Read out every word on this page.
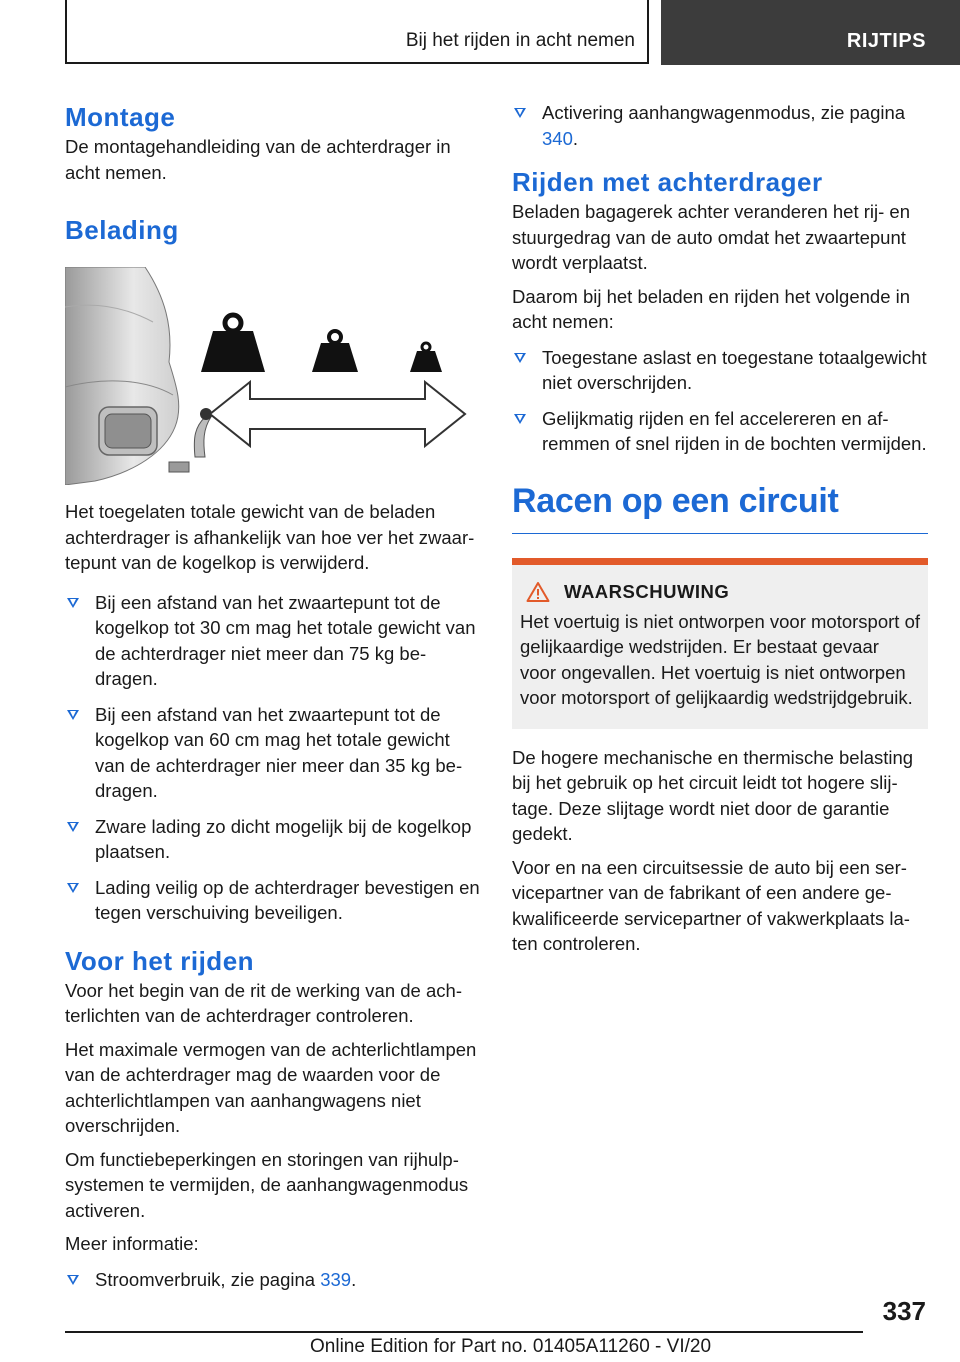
Bij het rijden in acht nemen	RIJTIPS
Montage

De montagehandleiding van de achterdrager in acht nemen.

Belading

Het toegelaten totale gewicht van de beladen achterdrager is afhankelijk van hoe ver het zwaartepunt van de kogelkop is verwijderd.

Bij een afstand van het zwaartepunt tot de kogelkop tot 30 cm mag het totale gewicht van de achterdrager niet meer dan 75 kg bedragen.
Bij een afstand van het zwaartepunt tot de kogelkop van 60 cm mag het totale gewicht van de achterdrager nier meer dan 35 kg bedragen.
Zware lading zo dicht mogelijk bij de kogelkop plaatsen.
Lading veilig op de achterdrager bevestigen en tegen verschuiving beveiligen.
Voor het rijden

Voor het begin van de rit de werking van de achterlichten van de achterdrager controleren.

Het maximale vermogen van de achterlichtlampen van de achterdrager mag de waarden voor de achterlichtlampen van aanhangwagens niet overschrijden.

Om functiebeperkingen en storingen van rijhulpsystemen te vermijden, de aanhangwagenmodus activeren.

Meer informatie:

Stroomverbruik, zie pagina 339.
Activering aanhangwagenmodus, zie pagina 340.
Rijden met achterdrager

Beladen bagagerek achter veranderen het rij- en stuurgedrag van de auto omdat het zwaartepunt wordt verplaatst.

Daarom bij het beladen en rijden het volgende in acht nemen:

Toegestane aslast en toegestane totaalgewicht niet overschrijden.
Gelijkmatig rijden en fel accelereren en afremmen of snel rijden in de bochten vermijden.
Racen op een circuit
WAARSCHUWING

Het voertuig is niet ontworpen voor motorsport of gelijkaardige wedstrijden. Er bestaat gevaar voor ongevallen. Het voertuig is niet ontworpen voor motorsport of gelijkaardig wedstrijdgebruik.

De hogere mechanische en thermische belasting bij het gebruik op het circuit leidt tot hogere slijtage. Deze slijtage wordt niet door de garantie gedekt.

Voor en na een circuitsessie de auto bij een servicepartner van de fabrikant of een andere gekwalificeerde servicepartner of vakwerkplaats laten controleren.

337
Online Edition for Part no. 01405A11260 - VI/20
